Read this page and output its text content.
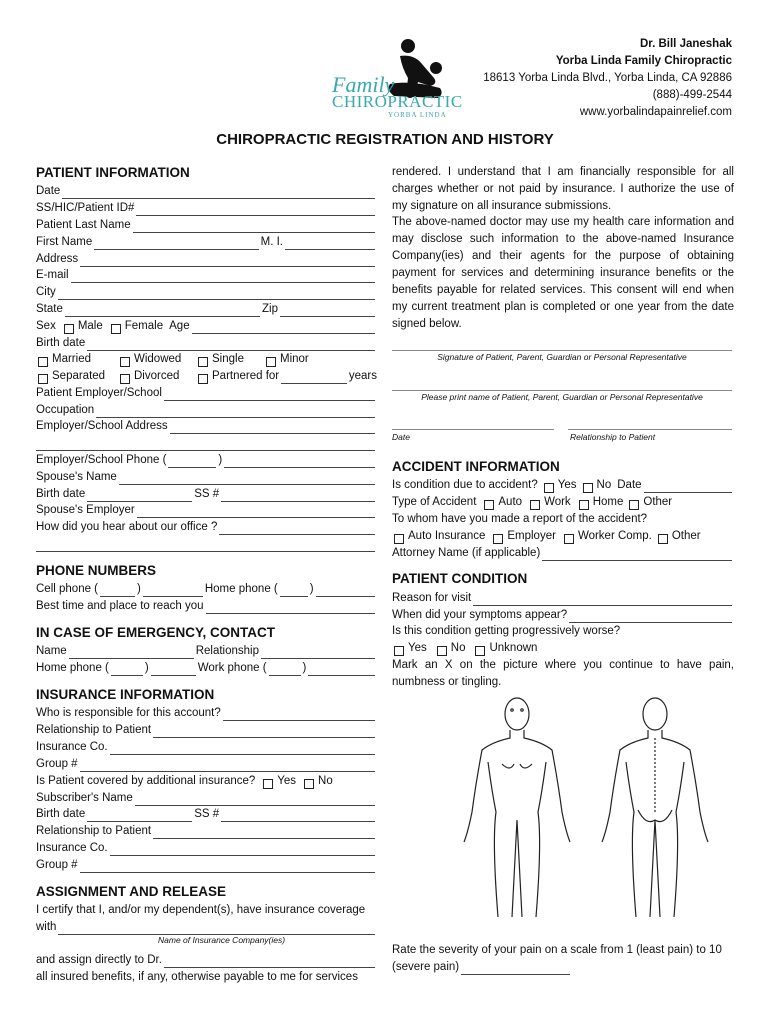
Dr. Bill Janeshak
Yorba Linda Family Chiropractic
18613 Yorba Linda Blvd., Yorba Linda, CA 92886
(888)-499-2544
www.yorbalindapainrelief.com
Family
CHIROPRACTIC
YORBA LINDA
CHIROPRACTIC REGISTRATION AND HISTORY
PATIENT INFORMATION
Date
SS/HIC/Patient ID#
Patient Last Name
First Name	M. I.
Address
E-mail
City
State	Zip
Sex Male Female Age
Birth date
Married	Widowed	Single	Minor
Separated	Divorced	Partnered for	years
Patient Employer/School
Occupation
Employer/School Address
Employer/School Phone (	)
Spouse's Name
Birth date	SS #
Spouse's Employer
How did you hear about our office ?
PHONE NUMBERS
Cell phone (	)	Home phone (	)
Best time and place to reach you
IN CASE OF EMERGENCY, CONTACT
Name	Relationship
Home phone (	)	Work phone (	)
INSURANCE INFORMATION
Who is responsible for this account?
Relationship to Patient
Insurance Co.
Group #
Is Patient covered by additional insurance? Yes No
Subscriber's Name
Birth date	SS #
Relationship to Patient
Insurance Co.
Group #
ASSIGNMENT AND RELEASE
I certify that I, and/or my dependent(s), have insurance coverage
with
Name of Insurance Company(ies)
and assign directly to Dr.
all insured benefits, if any, otherwise payable to me for services
rendered. I understand that I am financially responsible for all charges whether or not paid by insurance. I authorize the use of my signature on all insurance submissions.
The above-named doctor may use my health care information and may disclose such information to the above-named Insurance Company(ies) and their agents for the purpose of obtaining payment for services and determining insurance benefits or the benefits payable for related services. This consent will end when my current treatment plan is completed or one year from the date signed below.
Signature of Patient, Parent, Guardian or Personal Representative
Please print name of Patient, Parent, Guardian or Personal Representative
Date	Relationship to Patient
ACCIDENT INFORMATION
Is condition due to accident? Yes No Date
Type of Accident Auto Work Home Other
To whom have you made a report of the accident?
Auto Insurance Employer Worker Comp. Other
Attorney Name (if applicable)
PATIENT CONDITION
Reason for visit
When did your symptoms appear?
Is this condition getting progressively worse?
Yes No Unknown
Mark an X on the picture where you continue to have pain, numbness or tingling.
Rate the severity of your pain on a scale from 1 (least pain) to 10
(severe pain)
